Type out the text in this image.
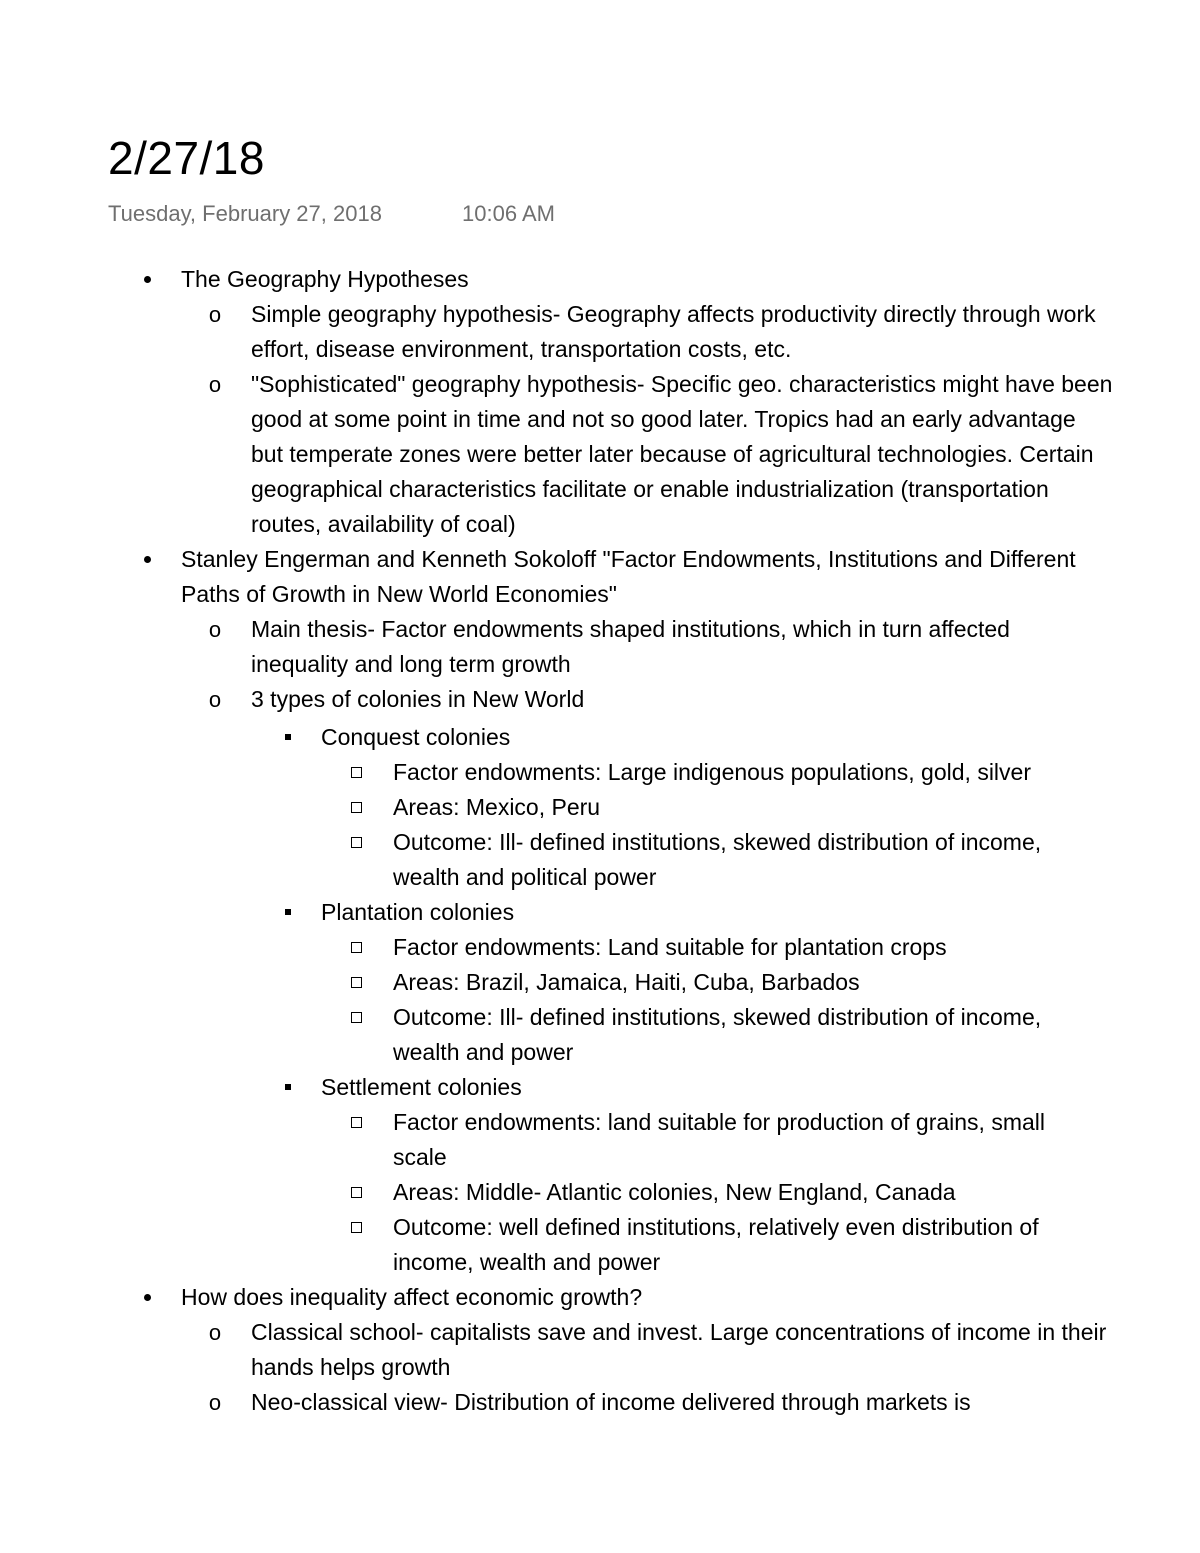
2/27/18
Tuesday, February 27, 2018	10:06 AM
The Geography Hypotheses
o Simple geography hypothesis- Geography affects productivity directly through work effort, disease environment, transportation costs, etc.
o "Sophisticated" geography hypothesis- Specific geo. characteristics might have been good at some point in time and not so good later. Tropics had an early advantage but temperate zones were better later because of agricultural technologies. Certain geographical characteristics facilitate or enable industrialization (transportation routes, availability of coal)
Stanley Engerman and Kenneth Sokoloff "Factor Endowments, Institutions and Different Paths of Growth in New World Economies"
o Main thesis- Factor endowments shaped institutions, which in turn affected inequality and long term growth
o 3 types of colonies in New World
Conquest colonies
Factor endowments: Large indigenous populations, gold, silver
Areas: Mexico, Peru
Outcome: Ill- defined institutions, skewed distribution of income, wealth and political power
Plantation colonies
Factor endowments: Land suitable for plantation crops
Areas: Brazil, Jamaica, Haiti, Cuba, Barbados
Outcome: Ill- defined institutions, skewed distribution of income, wealth and power
Settlement colonies
Factor endowments: land suitable for production of grains, small scale
Areas: Middle- Atlantic colonies, New England, Canada
Outcome: well defined institutions, relatively even distribution of income, wealth and power
How does inequality affect economic growth?
o Classical school- capitalists save and invest. Large concentrations of income in their hands helps growth
o Neo-classical view- Distribution of income delivered through markets is
